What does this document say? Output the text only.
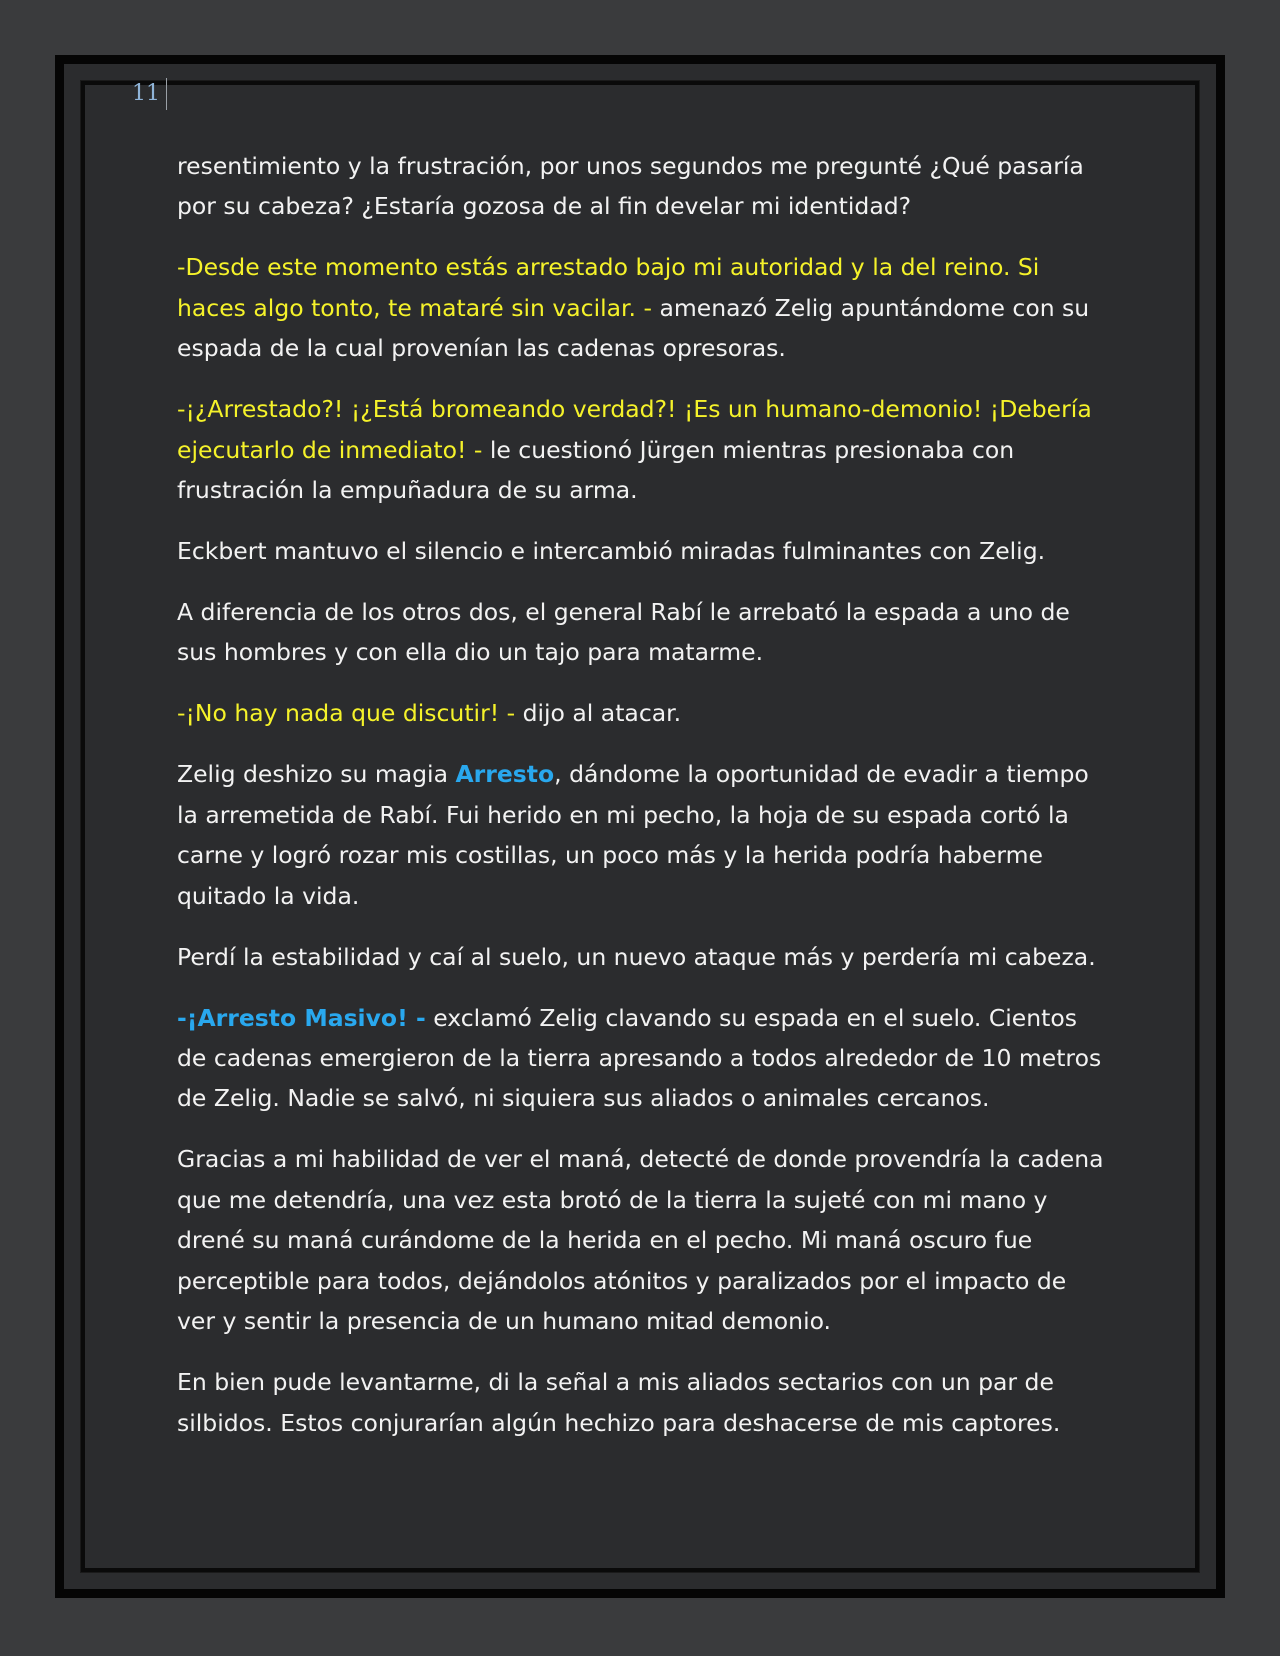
11

resentimiento y la frustración, por unos segundos me pregunté ¿Qué pasaría por su cabeza? ¿Estaría gozosa de al fin develar mi identidad?

-Desde este momento estás arrestado bajo mi autoridad y la del reino. Si haces algo tonto, te mataré sin vacilar. - amenazó Zelig apuntándome con su espada de la cual provenían las cadenas opresoras.

-¡¿Arrestado?! ¡¿Está bromeando verdad?! ¡Es un humano-demonio! ¡Debería ejecutarlo de inmediato! - le cuestionó Jürgen mientras presionaba con frustración la empuñadura de su arma.

Eckbert mantuvo el silencio e intercambió miradas fulminantes con Zelig.

A diferencia de los otros dos, el general Rabí le arrebató la espada a uno de sus hombres y con ella dio un tajo para matarme.

-¡No hay nada que discutir! - dijo al atacar.

Zelig deshizo su magia Arresto, dándome la oportunidad de evadir a tiempo la arremetida de Rabí. Fui herido en mi pecho, la hoja de su espada cortó la carne y logró rozar mis costillas, un poco más y la herida podría haberme quitado la vida.

Perdí la estabilidad y caí al suelo, un nuevo ataque más y perdería mi cabeza.

-¡Arresto Masivo! - exclamó Zelig clavando su espada en el suelo. Cientos de cadenas emergieron de la tierra apresando a todos alrededor de 10 metros de Zelig. Nadie se salvó, ni siquiera sus aliados o animales cercanos.

Gracias a mi habilidad de ver el maná, detecté de donde provendría la cadena que me detendría, una vez esta brotó de la tierra la sujeté con mi mano y drené su maná curándome de la herida en el pecho. Mi maná oscuro fue perceptible para todos, dejándolos atónitos y paralizados por el impacto de ver y sentir la presencia de un humano mitad demonio.

En bien pude levantarme, di la señal a mis aliados sectarios con un par de silbidos. Estos conjurarían algún hechizo para deshacerse de mis captores.
